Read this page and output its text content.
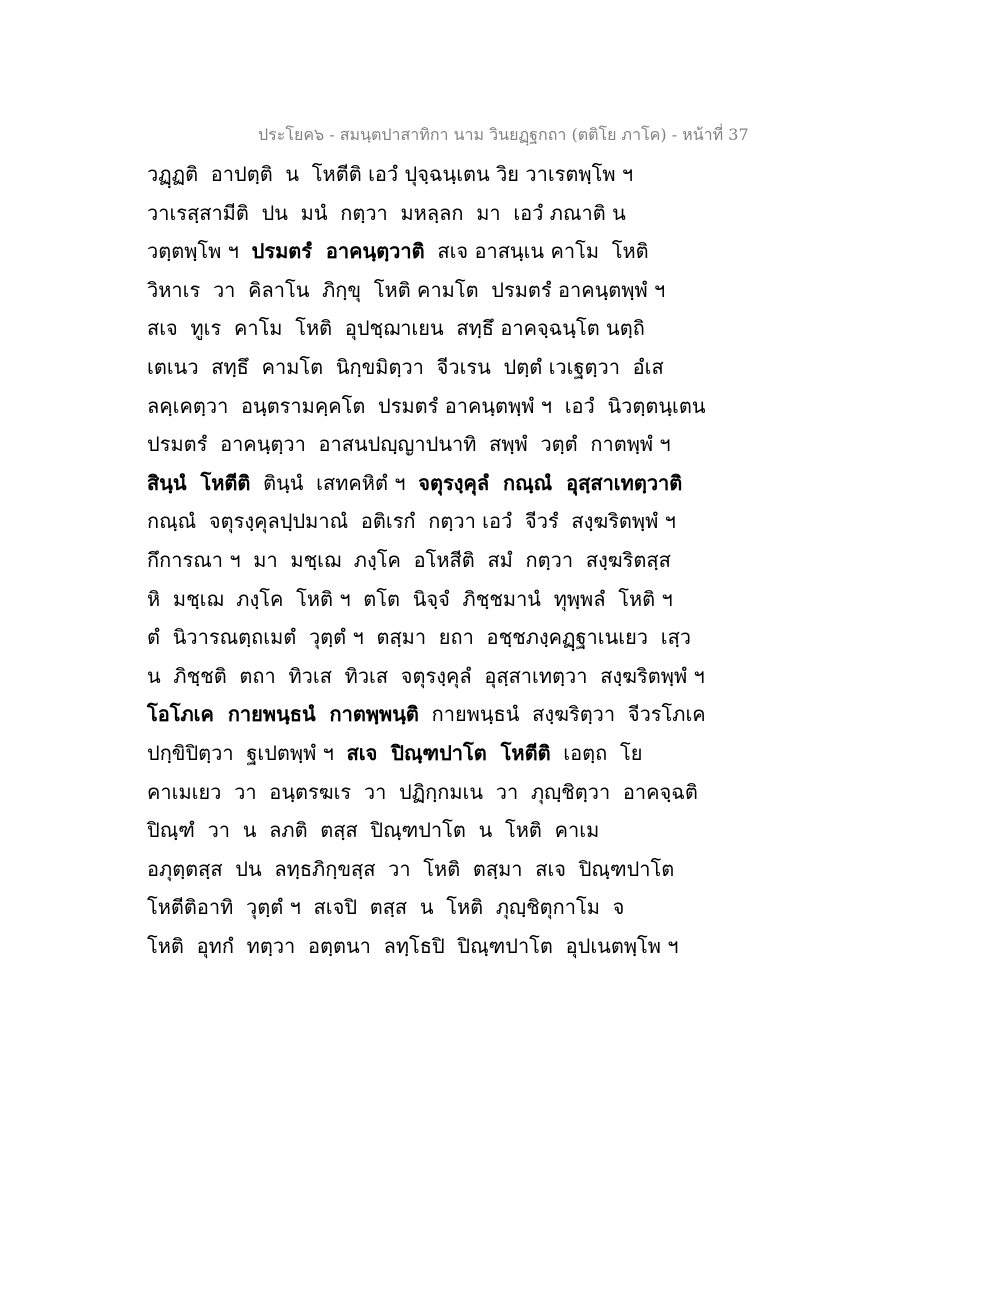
ประโยค๖ - สมนฺตปาสาทิกา นาม วินยฏฺฐกถา (ตติโย ภาโค) - หน้าที่ 37
วฏฺฏติ  อาปตฺติ  น  โหตีติ เอวํ ปุจฺฉนฺเตน วิย วาเรตพฺโพ ฯ
วาเรสฺสามีติ  ปน  มนํ  กตฺวา  มหลฺลก  มา  เอวํ ภณาติ น
วตฺตพฺโพ ฯ  ปรมตรํ  อาคนฺตฺวาติ  สเจ อาสนฺเน คาโม  โหติ
วิหาเร  วา  คิลาโน  ภิกฺขุ  โหติ คามโต  ปรมตรํ อาคนฺตพฺพํ ฯ
สเจ  ทูเร  คาโม  โหติ  อุปชฺฌาเยน  สทฺธึ อาคจฺฉนฺโต นตฺถิ
เตเนว  สทฺธึ  คามโต  นิกฺขมิตฺวา  จีวเรน  ปตฺตํ เวเฐตฺวา  อํเส
ลคฺเคตฺวา  อนฺตรามคฺคโต  ปรมตรํ อาคนฺตพฺพํ ฯ  เอวํ  นิวตฺตนฺเตน
ปรมตรํ  อาคนฺตฺวา  อาสนปญฺญาปนาทิ  สพฺพํ  วตฺตํ  กาตพฺพํ ฯ
สินฺนํ  โหตีติ  ตินฺนํ  เสทคหิตํ ฯ  จตุรงฺคุลํ  กณฺณํ  อุสฺสาเทตฺวาติ
กณฺณํ  จตุรงฺคุลปฺปมาณํ  อติเรกํ  กตฺวา เอวํ  จีวรํ  สงฺฆริตพฺพํ ฯ
กึการณา ฯ  มา  มชฺเฌ  ภงฺโค  อโหสีติ  สมํ  กตฺวา  สงฺฆริตสฺส
หิ  มชฺเฌ  ภงฺโค  โหติ ฯ  ตโต  นิจฺจํ  ภิชฺชมานํ  ทุพฺพลํ  โหติ ฯ
ตํ  นิวารณตฺถเมตํ  วุตฺตํ ฯ  ตสฺมา  ยถา  อชฺชภงฺคฏฺฐาเนเยว  เสฺว
น  ภิชฺชติ  ตถา  ทิวเส  ทิวเส  จตุรงฺคุลํ  อุสฺสาเทตฺวา  สงฺฆริตพฺพํ ฯ
โอโภเค  กายพนฺธนํ  กาตพฺพนฺติ  กายพนฺธนํ  สงฺฆริตฺวา  จีวรโภเค
ปกฺขิปิตฺวา  ฐเปตพฺพํ ฯ  สเจ  ปิณฺฑปาโต  โหตีติ  เอตฺถ  โย
คาเมเยว  วา  อนฺตรฆเร  วา  ปฏิกฺกมเน  วา  ภุญฺชิตฺวา  อาคจฺฉติ
ปิณฺฑํ  วา  น  ลภติ  ตสฺส  ปิณฺฑปาโต  น  โหติ  คาเม
อภุตฺตสฺส  ปน  ลทฺธภิกฺขสฺส  วา  โหติ  ตสฺมา  สเจ  ปิณฺฑปาโต
โหตีติอาทิ  วุตฺตํ ฯ  สเจปิ  ตสฺส  น  โหติ  ภุญฺชิตุกาโม  จ
โหติ  อุทกํ  ทตฺวา  อตฺตนา  ลทฺโธปิ  ปิณฺฑปาโต  อุปเนตพฺโพ ฯ
